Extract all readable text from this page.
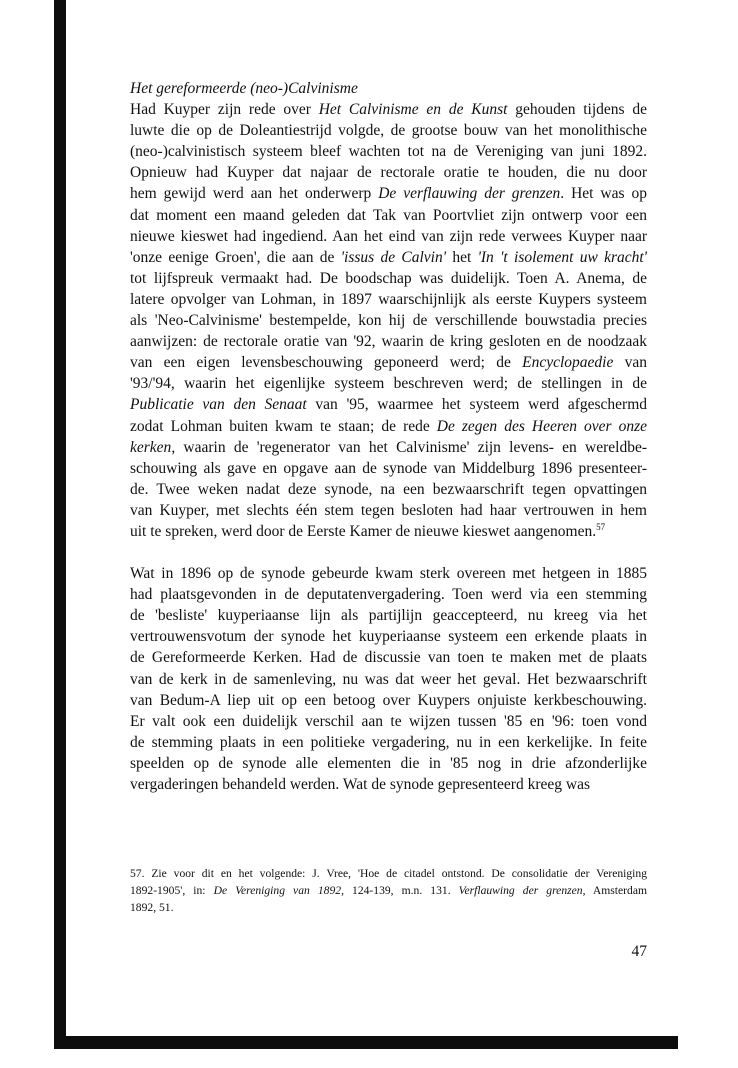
Het gereformeerde (neo-)Calvinisme
Had Kuyper zijn rede over Het Calvinisme en de Kunst gehouden tijdens de
luwte die op de Doleantiestrijd volgde, de grootse bouw van het monolithische
(neo-)calvinistisch systeem bleef wachten tot na de Vereniging van juni 1892.
Opnieuw had Kuyper dat najaar de rectorale oratie te houden, die nu door
hem gewijd werd aan het onderwerp De verflauwing der grenzen. Het was op
dat moment een maand geleden dat Tak van Poortvliet zijn ontwerp voor een
nieuwe kieswet had ingediend. Aan het eind van zijn rede verwees Kuyper naar
'onze eenige Groen', die aan de 'issus de Calvin' het 'In 't isolement uw kracht'
tot lijfspreuk vermaakt had. De boodschap was duidelijk. Toen A. Anema, de
latere opvolger van Lohman, in 1897 waarschijnlijk als eerste Kuypers systeem
als 'Neo-Calvinisme' bestempelde, kon hij de verschillende bouwstadia precies
aanwijzen: de rectorale oratie van '92, waarin de kring gesloten en de noodzaak
van een eigen levensbeschouwing geponeerd werd; de Encyclopaedie van
'93/'94, waarin het eigenlijke systeem beschreven werd; de stellingen in de
Publicatie van den Senaat van '95, waarmee het systeem werd afgeschermd
zodat Lohman buiten kwam te staan; de rede De zegen des Heeren over onze
kerken, waarin de 'regenerator van het Calvinisme' zijn levens- en wereldbe-
schouwing als gave en opgave aan de synode van Middelburg 1896 presenteer-
de. Twee weken nadat deze synode, na een bezwaarschrift tegen opvattingen
van Kuyper, met slechts één stem tegen besloten had haar vertrouwen in hem
uit te spreken, werd door de Eerste Kamer de nieuwe kieswet aangenomen.$^{57}$
Wat in 1896 op de synode gebeurde kwam sterk overeen met hetgeen in 1885
had plaatsgevonden in de deputatenvergadering. Toen werd via een stemming
de 'besliste' kuyperiaanse lijn als partijlijn geaccepteerd, nu kreeg via het
vertrouwensvotum der synode het kuyperiaanse systeem een erkende plaats in
de Gereformeerde Kerken. Had de discussie van toen te maken met de plaats
van de kerk in de samenleving, nu was dat weer het geval. Het bezwaarschrift
van Bedum-A liep uit op een betoog over Kuypers onjuiste kerkbeschouwing.
Er valt ook een duidelijk verschil aan te wijzen tussen '85 en '96: toen vond
de stemming plaats in een politieke vergadering, nu in een kerkelijke. In feite
speelden op de synode alle elementen die in '85 nog in drie afzonderlijke
vergaderingen behandeld werden. Wat de synode gepresenteerd kreeg was
57. Zie voor dit en het volgende: J. Vree, 'Hoe de citadel ontstond. De consolidatie der Vereniging
1892-1905', in: De Vereniging van 1892, 124-139, m.n. 131. Verflauwing der grenzen, Amsterdam
1892, 51.
47
